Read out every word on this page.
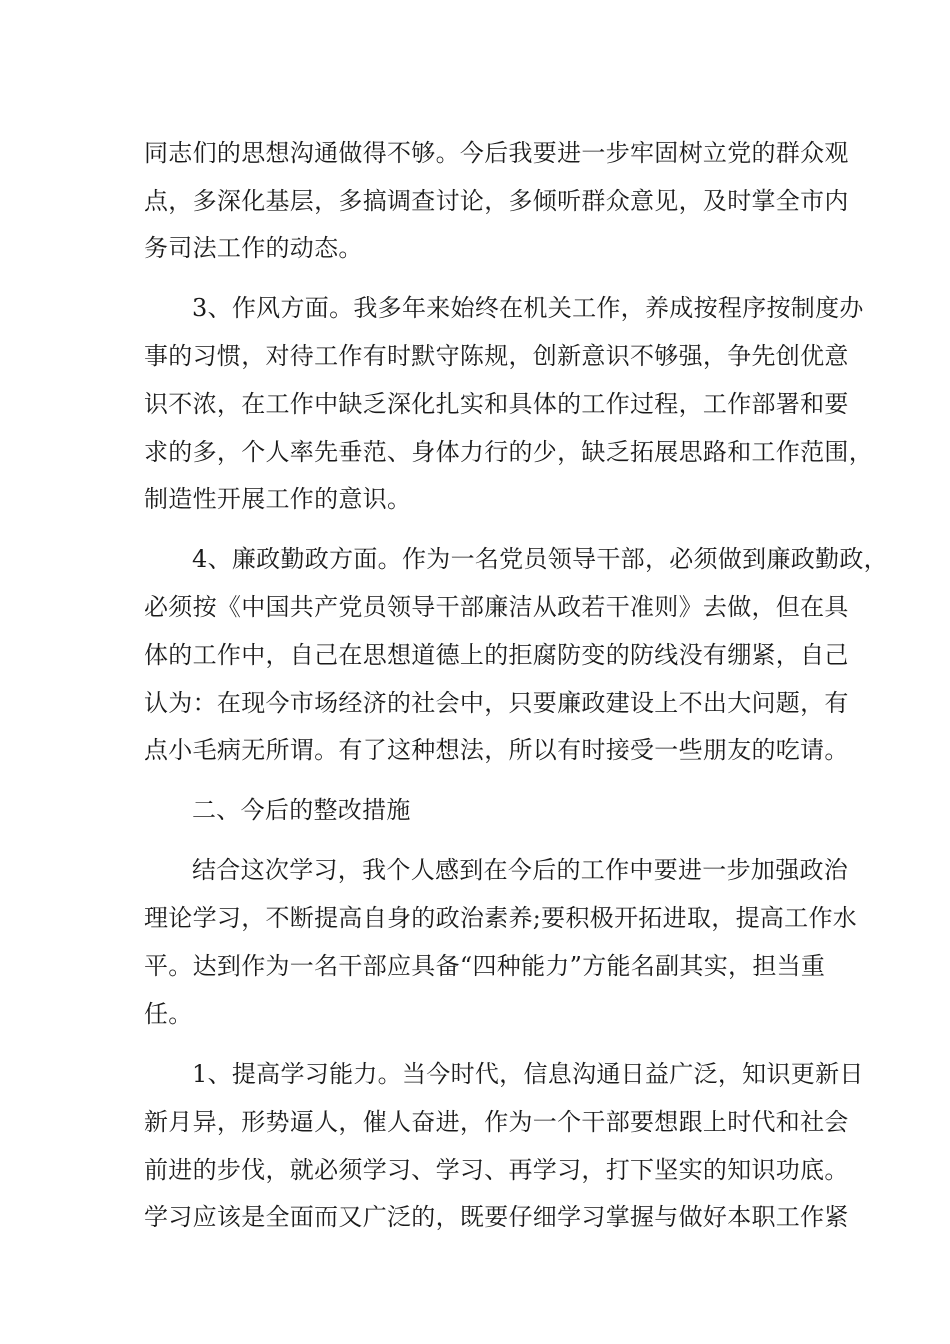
同志们的思想沟通做得不够。今后我要进一步牢固树立党的群众观
点，多深化基层，多搞调查讨论，多倾听群众意见，及时掌全市内
务司法工作的动态。
3、作风方面。我多年来始终在机关工作，养成按程序按制度办
事的习惯，对待工作有时默守陈规，创新意识不够强，争先创优意
识不浓，在工作中缺乏深化扎实和具体的工作过程，工作部署和要
求的多，个人率先垂范、身体力行的少，缺乏拓展思路和工作范围，
制造性开展工作的意识。
4、廉政勤政方面。作为一名党员领导干部，必须做到廉政勤政，
必须按《中国共产党员领导干部廉洁从政若干准则》去做，但在具
体的工作中，自己在思想道德上的拒腐防变的防线没有绷紧，自己
认为：在现今市场经济的社会中，只要廉政建设上不出大问题，有
点小毛病无所谓。有了这种想法，所以有时接受一些朋友的吃请。
二、今后的整改措施
结合这次学习，我个人感到在今后的工作中要进一步加强政治
理论学习，不断提高自身的政治素养;要积极开拓进取，提高工作水
平。达到作为一名干部应具备“四种能力”方能名副其实，担当重
任。
1、提高学习能力。当今时代，信息沟通日益广泛，知识更新日
新月异，形势逼人，催人奋进，作为一个干部要想跟上时代和社会
前进的步伐，就必须学习、学习、再学习，打下坚实的知识功底。
学习应该是全面而又广泛的，既要仔细学习掌握与做好本职工作紧
